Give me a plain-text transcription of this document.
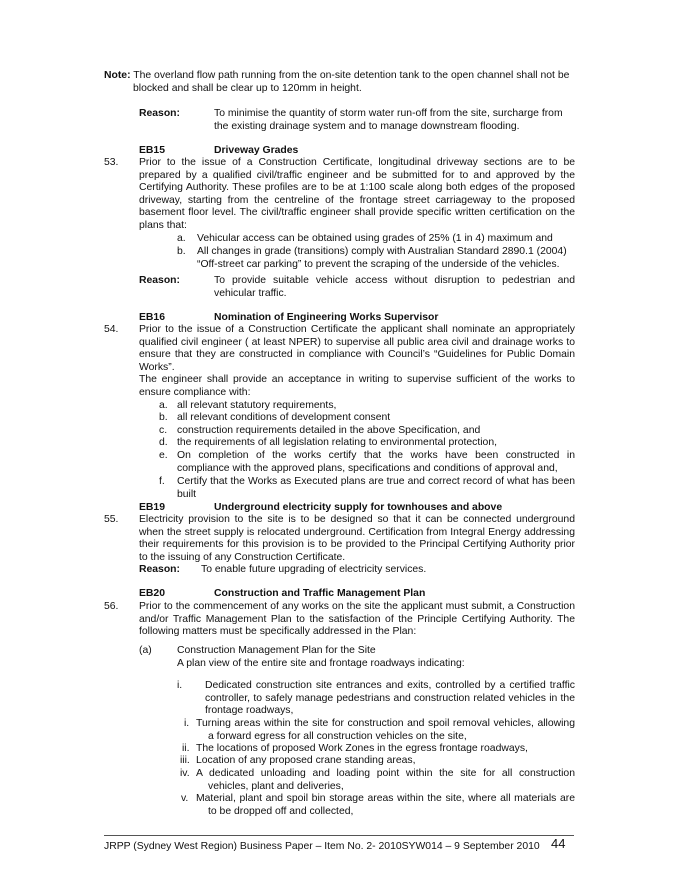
Note: The overland flow path running from the on-site detention tank to the open channel shall not be
blocked and shall be clear up to 120mm in height.
Reason:	To minimise the quantity of storm water run-off from the site, surcharge from
the existing drainage system and to manage downstream flooding.
EB15	Driveway Grades
53. Prior to the issue of a Construction Certificate, longitudinal driveway sections are to be
prepared by a qualified civil/traffic engineer and be submitted for to and approved by the
Certifying Authority. These profiles are to be at 1:100 scale along both edges of the proposed
driveway, starting from the centreline of the frontage street carriageway to the proposed
basement floor level. The civil/traffic engineer shall provide specific written certification on the
plans that:
a. Vehicular access can be obtained using grades of 25% (1 in 4) maximum and
b. All changes in grade (transitions) comply with Australian Standard 2890.1 (2004)
“Off-street car parking” to prevent the scraping of the underside of the vehicles.
Reason:	To provide suitable vehicle access without disruption to pedestrian and
vehicular traffic.
EB16	Nomination of Engineering Works Supervisor
54. Prior to the issue of a Construction Certificate the applicant shall nominate an appropriately
qualified civil engineer ( at least NPER) to supervise all public area civil and drainage works to
ensure that they are constructed in compliance with Council’s “Guidelines for Public Domain
Works”.
The engineer shall provide an acceptance in writing to supervise sufficient of the works to
ensure compliance with:
a. all relevant statutory requirements,
b. all relevant conditions of development consent
c. construction requirements detailed in the above Specification, and
d. the requirements of all legislation relating to environmental protection,
e. On completion of the works certify that the works have been constructed in
compliance with the approved plans, specifications and conditions of approval and,
f. Certify that the Works as Executed plans are true and correct record of what has been
built
EB19	Underground electricity supply for townhouses and above
55. Electricity provision to the site is to be designed so that it can be connected underground
when the street supply is relocated underground. Certification from Integral Energy addressing
their requirements for this provision is to be provided to the Principal Certifying Authority prior
to the issuing of any Construction Certificate.
Reason: To enable future upgrading of electricity services.
EB20	Construction and Traffic Management Plan
56. Prior to the commencement of any works on the site the applicant must submit, a Construction
and/or Traffic Management Plan to the satisfaction of the Principle Certifying Authority. The
following matters must be specifically addressed in the Plan:
(a) Construction Management Plan for the Site
A plan view of the entire site and frontage roadways indicating:
i. Dedicated construction site entrances and exits, controlled by a certified traffic
controller, to safely manage pedestrians and construction related vehicles in the
frontage roadways,
i. Turning areas within the site for construction and spoil removal vehicles, allowing
a forward egress for all construction vehicles on the site,
ii. The locations of proposed Work Zones in the egress frontage roadways,
iii. Location of any proposed crane standing areas,
iv. A dedicated unloading and loading point within the site for all construction
vehicles, plant and deliveries,
v. Material, plant and spoil bin storage areas within the site, where all materials are
to be dropped off and collected,
JRPP (Sydney West Region) Business Paper – Item No. 2- 2010SYW014 – 9 September 2010 44
